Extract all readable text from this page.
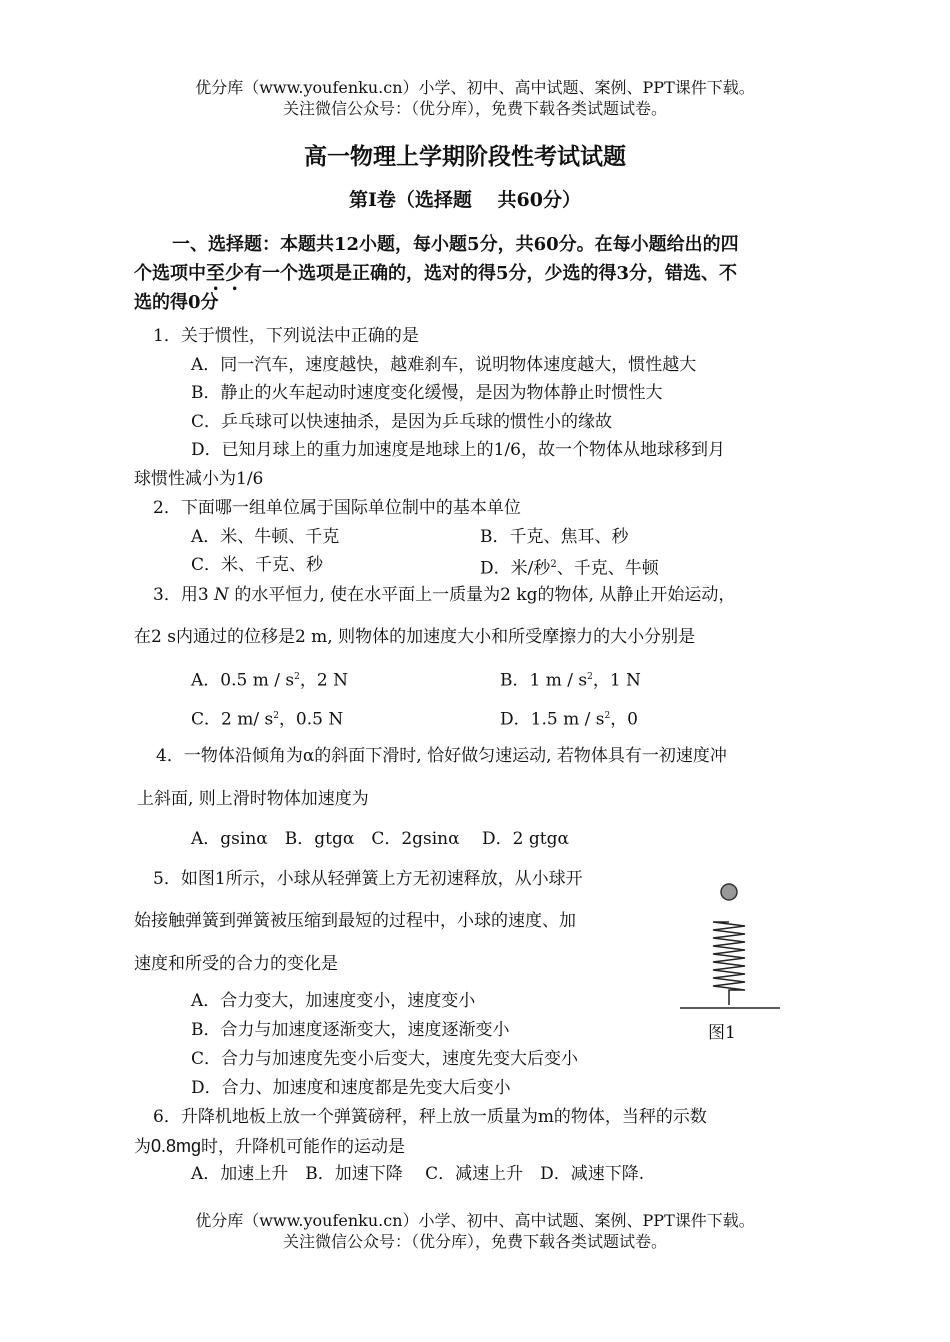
优分库（www.youfenku.cn）小学、初中、高中试题、案例、PPT课件下载。
关注微信公众号：（优分库），免费下载各类试题试卷。
高一物理上学期阶段性考试试题
第Ⅰ卷（选择题　 共60分）
一、选择题：本题共12小题，每小题5分，共60分。在每小题给出的四
个选项中至少有一个选项是正确的，选对的得5分，少选的得3分，错选、不
选的得0分
1．关于惯性，下列说法中正确的是
A．同一汽车，速度越快，越难刹车，说明物体速度越大，惯性越大
B．静止的火车起动时速度变化缓慢，是因为物体静止时惯性大
C．乒乓球可以快速抽杀，是因为乒乓球的惯性小的缘故
D．已知月球上的重力加速度是地球上的1/6，故一个物体从地球移到月
球惯性减小为1/6
2．下面哪一组单位属于国际单位制中的基本单位
A．米、牛顿、千克	B．千克、焦耳、秒
C．米、千克、秒	D．米/秒$^2$、千克、牛顿
3．用3 N 的水平恒力, 使在水平面上一质量为2 kg的物体, 从静止开始运动，
在2 s内通过的位移是2 m, 则物体的加速度大小和所受摩擦力的大小分别是
A．0.5 m / $s^2$，2 N	B．1 m / $s^2$，1 N
C．2 m/ $s^2$，0.5 N	D．1.5 m / $s^2$，0
4．一物体沿倾角为α的斜面下滑时, 恰好做匀速运动, 若物体具有一初速度冲
上斜面, 则上滑时物体加速度为
A．gsinα　B．gtgα　C．2gsinα　 D．2 gtgα
5．如图1所示，小球从轻弹簧上方无初速释放，从小球开
始接触弹簧到弹簧被压缩到最短的过程中，小球的速度、加
速度和所受的合力的变化是
A．合力变大，加速度变小，速度变小
B．合力与加速度逐渐变大，速度逐渐变小
C．合力与加速度先变小后变大，速度先变大后变小
D．合力、加速度和速度都是先变大后变小
图1
6．升降机地板上放一个弹簧磅秤，秤上放一质量为m的物体，当秤的示数
为0.8mg时，升降机可能作的运动是
A．加速上升　B．加速下降　 C．减速上升　D．减速下降.
优分库（www.youfenku.cn）小学、初中、高中试题、案例、PPT课件下载。
关注微信公众号：（优分库），免费下载各类试题试卷。
